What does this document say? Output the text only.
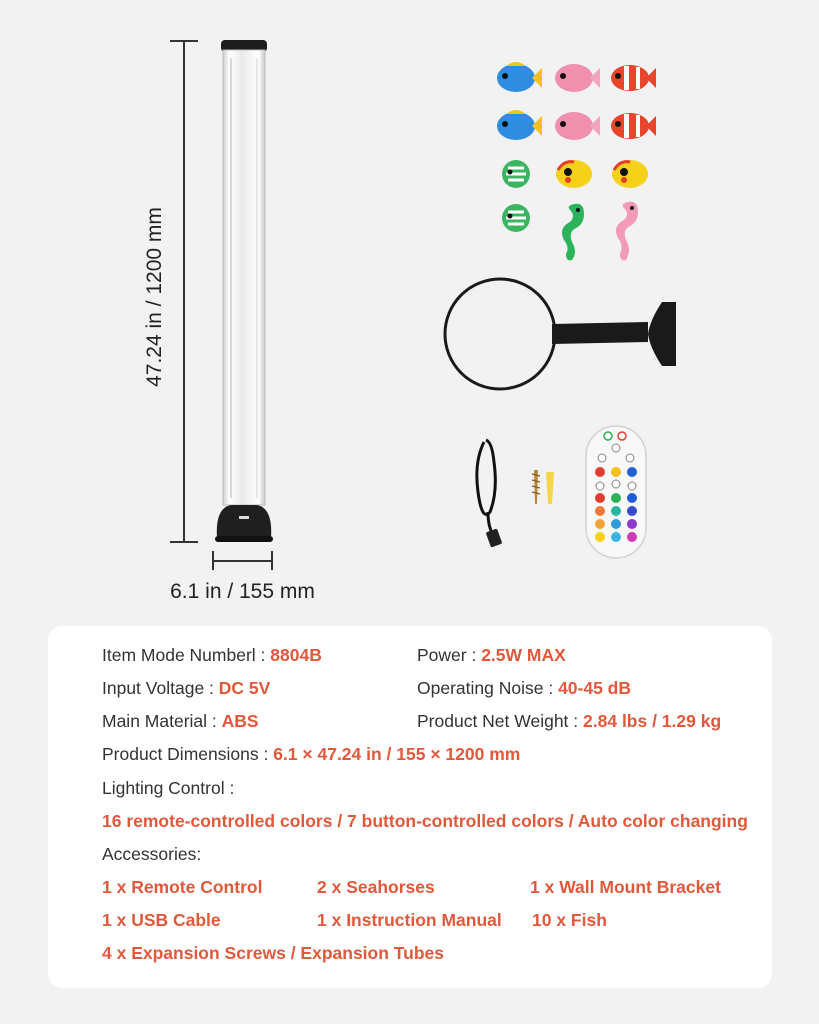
47.24 in / 1200 mm
6.1 in / 155 mm
Item Mode Numberl : 8804B	Power : 2.5W MAX
Input Voltage : DC 5V	Operating Noise : 40-45 dB
Main Material : ABS	Product Net Weight : 2.84 lbs / 1.29 kg
Product Dimensions : 6.1 × 47.24 in / 155 × 1200 mm
Lighting Control :
16 remote-controlled colors / 7 button-controlled colors / Auto color changing
Accessories:
1 x Remote Control	2 x Seahorses	1 x Wall Mount Bracket
1 x USB Cable	1 x Instruction Manual 10 x Fish
4 x Expansion Screws / Expansion Tubes
